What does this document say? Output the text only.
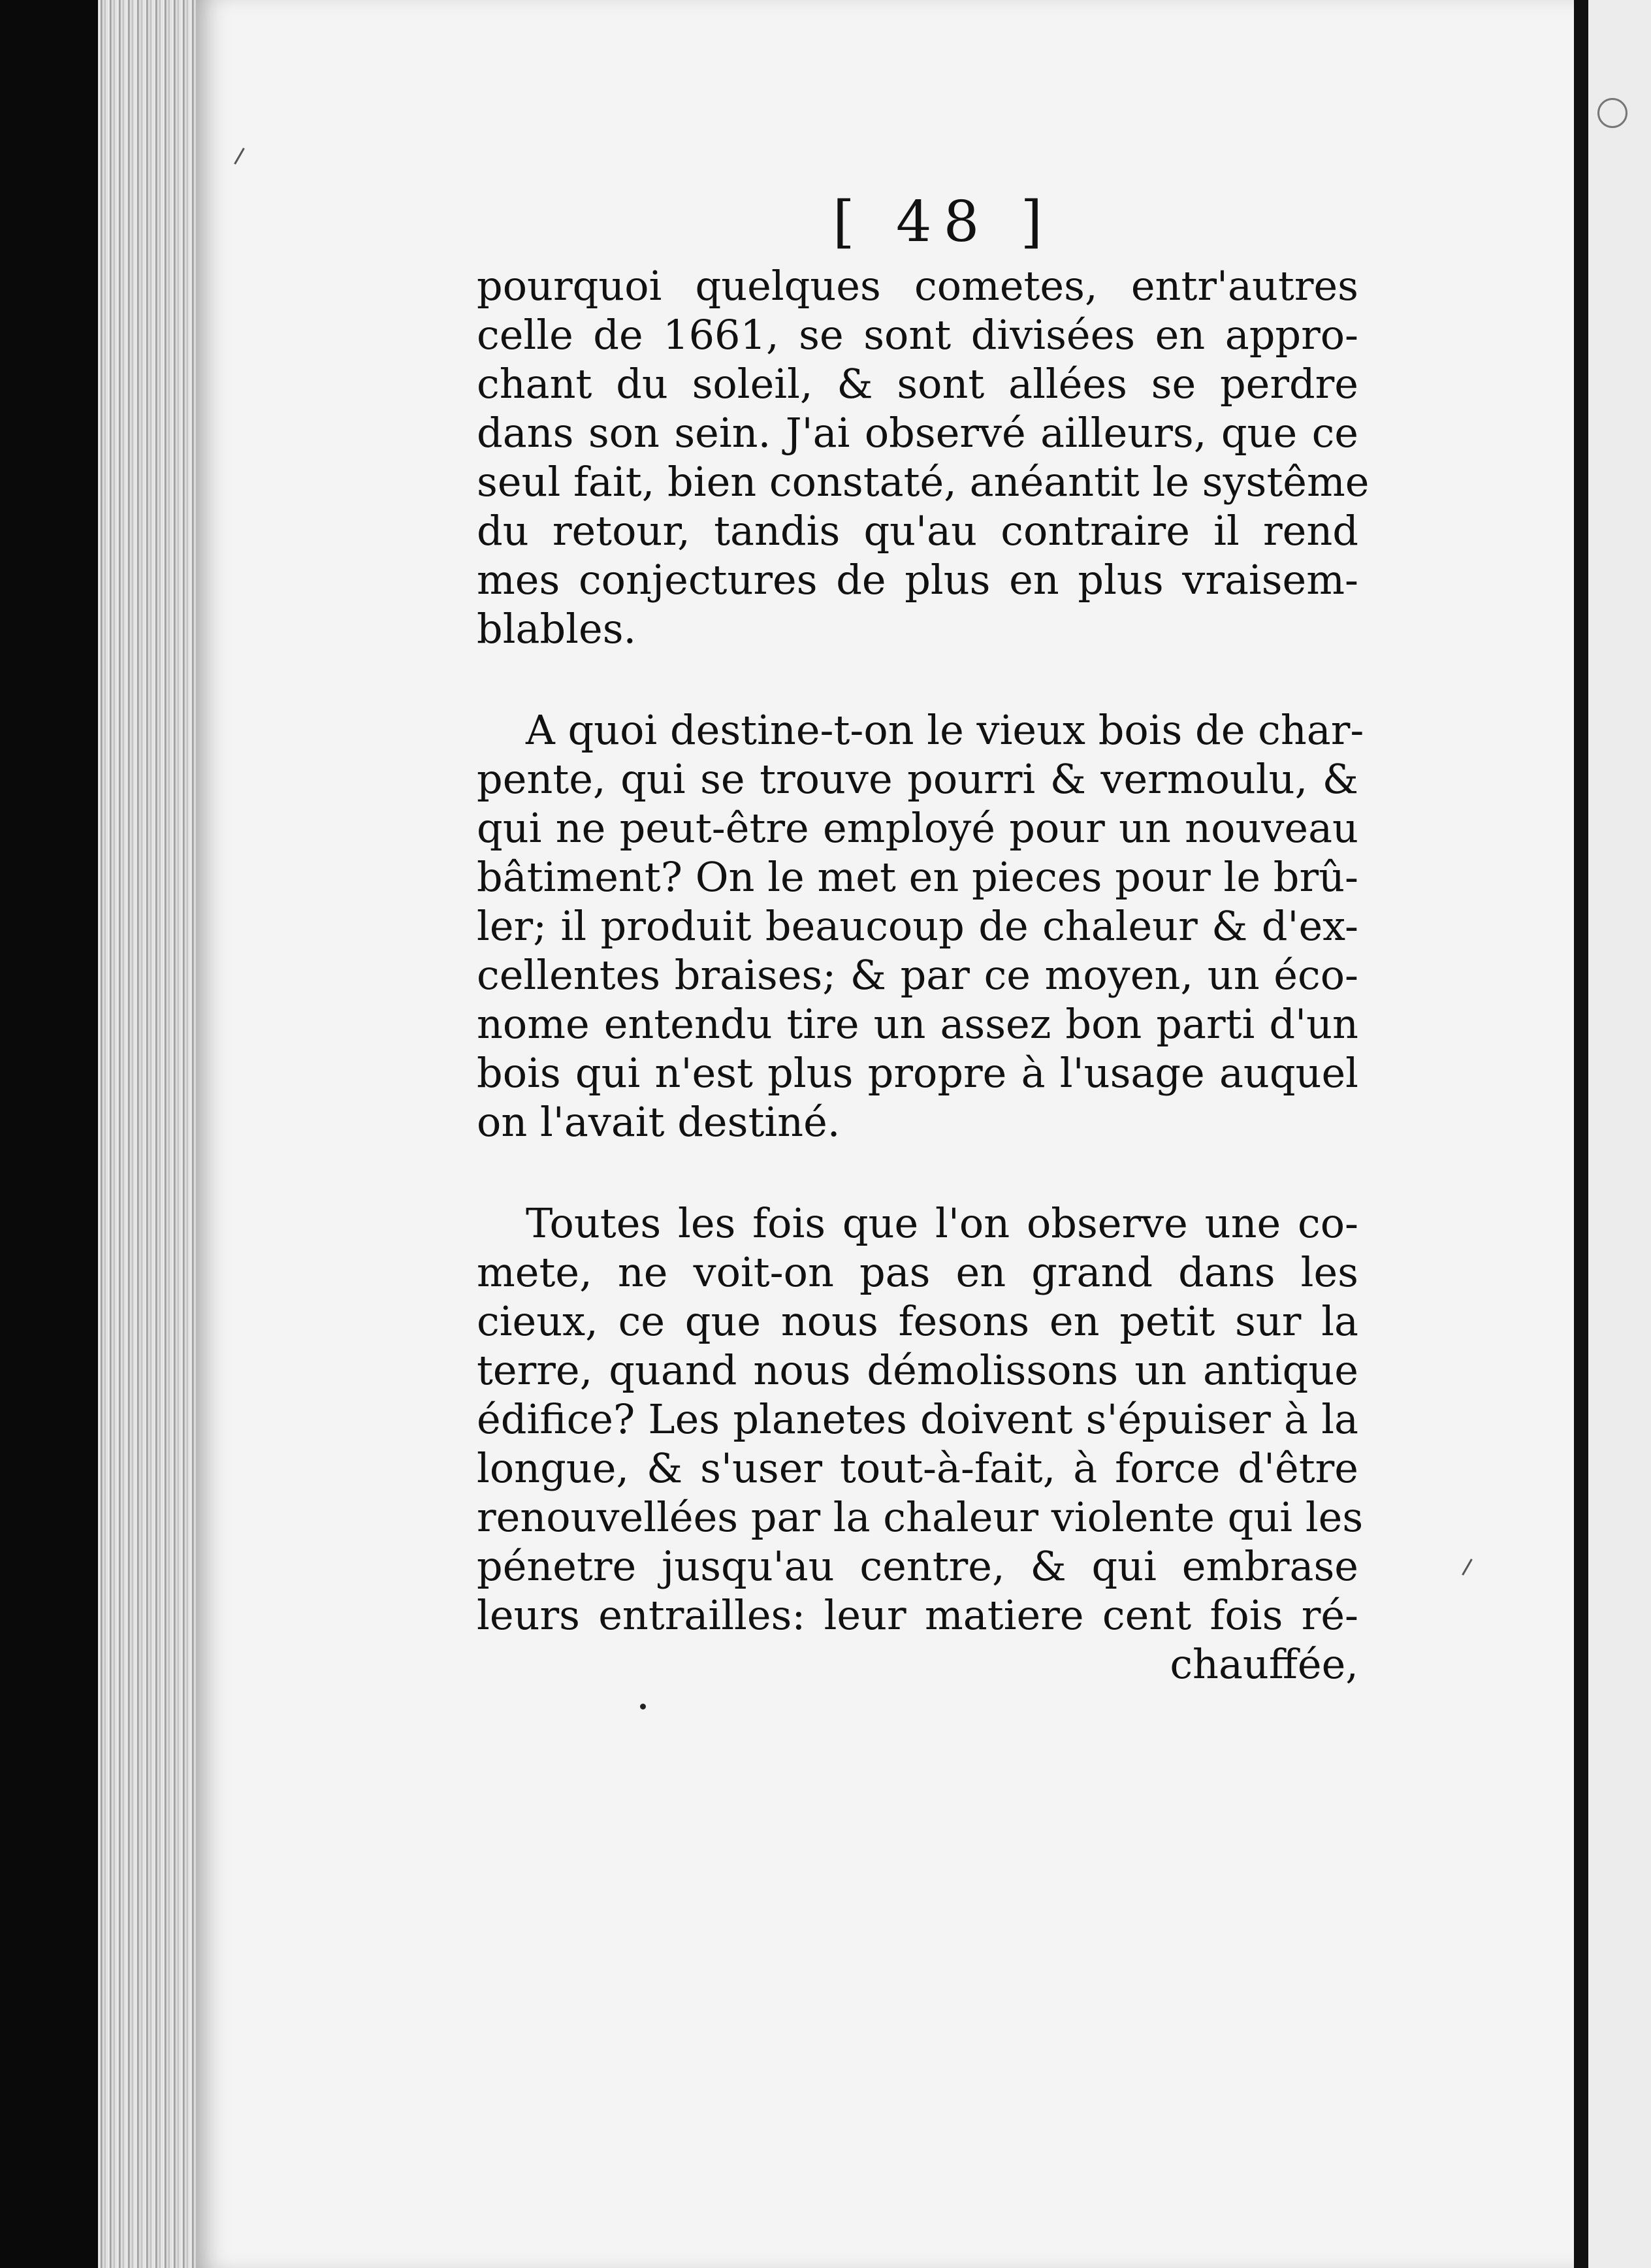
[ 48 ]
pourquoi quelques cometes, entr'autres
celle de 1661, se sont divisées en appro-
chant du soleil, & sont allées se perdre
dans son sein. J'ai observé ailleurs, que ce
seul fait, bien constaté, anéantit le systême
du retour, tandis qu'au contraire il rend
mes conjectures de plus en plus vraisem-
blables.
A quoi destine-t-on le vieux bois de char-
pente, qui se trouve pourri & vermoulu, &
qui ne peut-être employé pour un nouveau
bâtiment? On le met en pieces pour le brû-
ler; il produit beaucoup de chaleur & d'ex-
cellentes braises; & par ce moyen, un éco-
nome entendu tire un assez bon parti d'un
bois qui n'est plus propre à l'usage auquel
on l'avait destiné.
Toutes les fois que l'on observe une co-
mete, ne voit-on pas en grand dans les
cieux, ce que nous fesons en petit sur la
terre, quand nous démolissons un antique
édifice? Les planetes doivent s'épuiser à la
longue, & s'user tout-à-fait, à force d'être
renouvellées par la chaleur violente qui les
pénetre jusqu'au centre, & qui embrase
leurs entrailles: leur matiere cent fois ré-
chauffée,
